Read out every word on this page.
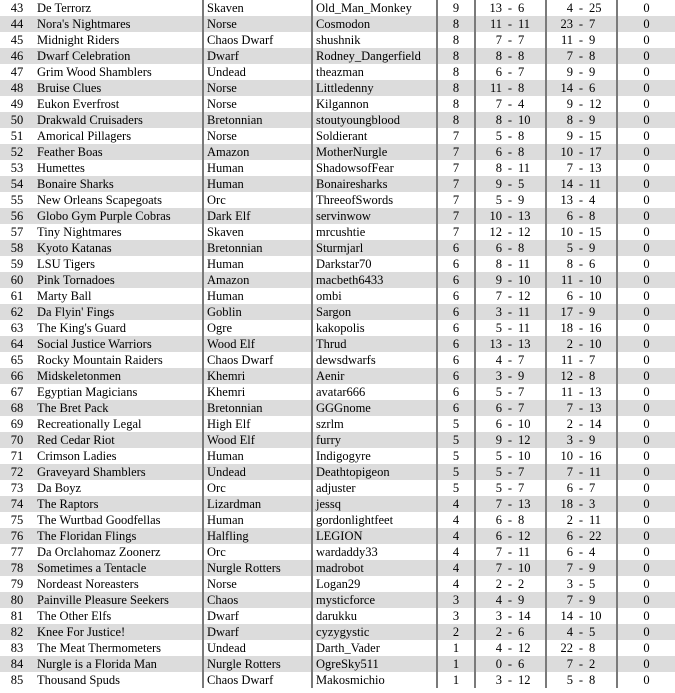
43	De Terrorz	Skaven	Old_Man_Monkey	9	13	-	6	4	-	25	0
44	Nora's Nightmares	Norse	Cosmodon	8	11	-	11	23	-	7	0
45	Midnight Riders	Chaos Dwarf	shushnik	8	7	-	7	11	-	9	0
46	Dwarf Celebration	Dwarf	Rodney_Dangerfield	8	8	-	8	7	-	8	0
47	Grim Wood Shamblers	Undead	theazman	8	6	-	7	9	-	9	0
48	Bruise Clues	Norse	Littledenny	8	11	-	8	14	-	6	0
49	Eukon Everfrost	Norse	Kilgannon	8	7	-	4	9	-	12	0
50	Drakwald Cruisaders	Bretonnian	stoutyoungblood	8	8	-	10	8	-	9	0
51	Amorical Pillagers	Norse	Soldierant	7	5	-	8	9	-	15	0
52	Feather Boas	Amazon	MotherNurgle	7	6	-	8	10	-	17	0
53	Humettes	Human	ShadowsofFear	7	8	-	11	7	-	13	0
54	Bonaire Sharks	Human	Bonairesharks	7	9	-	5	14	-	11	0
55	New Orleans Scapegoats	Orc	ThreeofSwords	7	5	-	9	13	-	4	0
56	Globo Gym Purple Cobras	Dark Elf	servinwow	7	10	-	13	6	-	8	0
57	Tiny Nightmares	Skaven	mrcushtie	7	12	-	12	10	-	15	0
58	Kyoto Katanas	Bretonnian	Sturmjarl	6	6	-	8	5	-	9	0
59	LSU Tigers	Human	Darkstar70	6	8	-	11	8	-	6	0
60	Pink Tornadoes	Amazon	macbeth6433	6	9	-	10	11	-	10	0
61	Marty Ball	Human	ombi	6	7	-	12	6	-	10	0
62	Da Flyin' Fings	Goblin	Sargon	6	3	-	11	17	-	9	0
63	The King's Guard	Ogre	kakopolis	6	5	-	11	18	-	16	0
64	Social Justice Warriors	Wood Elf	Thrud	6	13	-	13	2	-	10	0
65	Rocky Mountain Raiders	Chaos Dwarf	dewsdwarfs	6	4	-	7	11	-	7	0
66	Midskeletonmen	Khemri	Aenir	6	3	-	9	12	-	8	0
67	Egyptian Magicians	Khemri	avatar666	6	5	-	7	11	-	13	0
68	The Bret Pack	Bretonnian	GGGnome	6	6	-	7	7	-	13	0
69	Recreationally Legal	High Elf	szrlm	5	6	-	10	2	-	14	0
70	Red Cedar Riot	Wood Elf	furry	5	9	-	12	3	-	9	0
71	Crimson Ladies	Human	Indigogyre	5	5	-	10	10	-	16	0
72	Graveyard Shamblers	Undead	Deathtopigeon	5	5	-	7	7	-	11	0
73	Da Boyz	Orc	adjuster	5	5	-	7	6	-	7	0
74	The Raptors	Lizardman	jessq	4	7	-	13	18	-	3	0
75	The Wurtbad Goodfellas	Human	gordonlightfeet	4	6	-	8	2	-	11	0
76	The Floridan Flings	Halfling	LEGION	4	6	-	12	6	-	22	0
77	Da Orclahomaz Zoonerz	Orc	wardaddy33	4	7	-	11	6	-	4	0
78	Sometimes a Tentacle	Nurgle Rotters	madrobot	4	7	-	10	7	-	9	0
79	Nordeast Noreasters	Norse	Logan29	4	2	-	2	3	-	5	0
80	Painville Pleasure Seekers	Chaos	mysticforce	3	4	-	9	7	-	9	0
81	The Other Elfs	Dwarf	darukku	3	3	-	14	14	-	10	0
82	Knee For Justice!	Dwarf	cyzygystic	2	2	-	6	4	-	5	0
83	The Meat Thermometers	Undead	Darth_Vader	1	4	-	12	22	-	8	0
84	Nurgle is a Florida Man	Nurgle Rotters	OgreSky511	1	0	-	6	7	-	2	0
85	Thousand Spuds	Chaos Dwarf	Makosmichio	1	3	-	12	5	-	8	0
